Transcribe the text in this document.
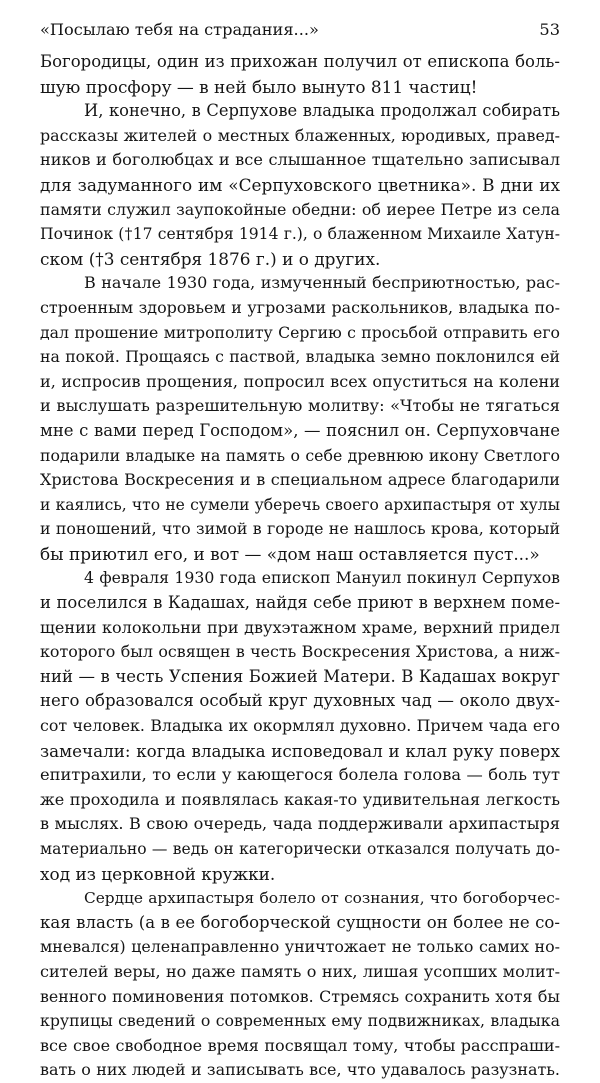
«Посылаю тебя на страдания...»	53
Богородицы, один из прихожан получил от епископа боль-
шую просфору — в ней было вынуто 811 частиц!
И, конечно, в Серпухове владыка продолжал собирать
рассказы жителей о местных блаженных, юродивых, правед-
ников и боголюбцах и все слышанное тщательно записывал
для задуманного им «Серпуховского цветника». В дни их
памяти служил заупокойные обедни: об иерее Петре из села
Починок (†17 сентября 1914 г.), о блаженном Михаиле Хатун-
ском (†3 сентября 1876 г.) и о других.
В начале 1930 года, измученный бесприютностью, рас-
строенным здоровьем и угрозами раскольников, владыка по-
дал прошение митрополиту Сергию с просьбой отправить его
на покой. Прощаясь с паствой, владыка земно поклонился ей
и, испросив прощения, попросил всех опуститься на колени
и выслушать разрешительную молитву: «Чтобы не тягаться
мне с вами перед Господом», — пояснил он. Серпуховчане
подарили владыке на память о себе древнюю икону Светлого
Христова Воскресения и в специальном адресе благодарили
и каялись, что не сумели уберечь своего архипастыря от хулы
и поношений, что зимой в городе не нашлось крова, который
бы приютил его, и вот — «дом наш оставляется пуст...»
4 февраля 1930 года епископ Мануил покинул Серпухов
и поселился в Кадашах, найдя себе приют в верхнем поме-
щении колокольни при двухэтажном храме, верхний придел
которого был освящен в честь Воскресения Христова, а ниж-
ний — в честь Успения Божией Матери. В Кадашах вокруг
него образовался особый круг духовных чад — около двух-
сот человек. Владыка их окормлял духовно. Причем чада его
замечали: когда владыка исповедовал и клал руку поверх
епитрахили, то если у кающегося болела голова — боль тут
же проходила и появлялась какая-то удивительная легкость
в мыслях. В свою очередь, чада поддерживали архипастыря
материально — ведь он категорически отказался получать до-
ход из церковной кружки.
Сердце архипастыря болело от сознания, что богоборчес-
кая власть (а в ее богоборческой сущности он более не со-
мневался) целенаправленно уничтожает не только самих но-
сителей веры, но даже память о них, лишая усопших молит-
венного поминовения потомков. Стремясь сохранить хотя бы
крупицы сведений о современных ему подвижниках, владыка
все свое свободное время посвящал тому, чтобы расспраши-
вать о них людей и записывать все, что удавалось разузнать.
